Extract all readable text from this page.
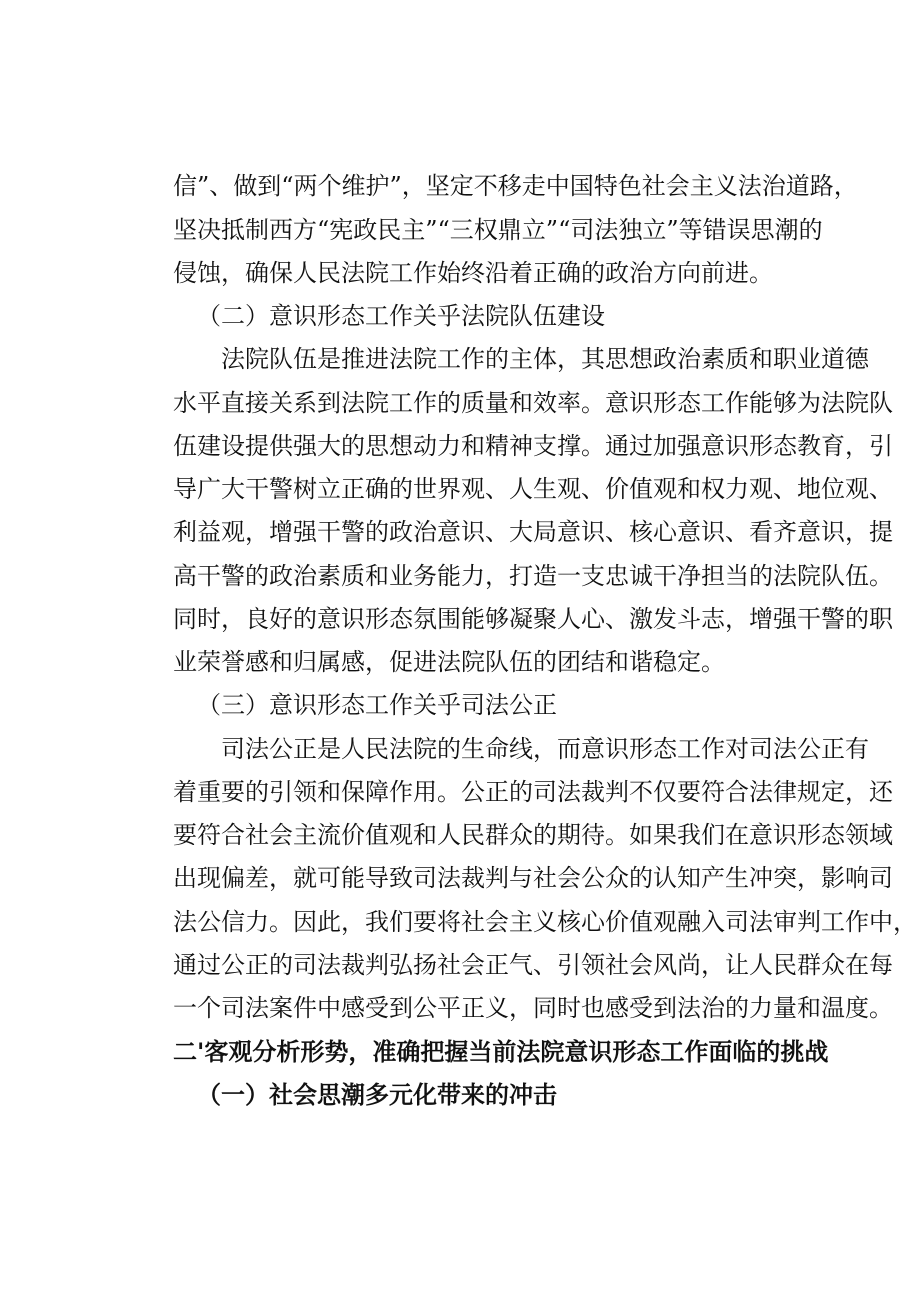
信”、做到“两个维护”，坚定不移走中国特色社会主义法治道路，
坚决抵制西方“宪政民主”“三权鼎立”“司法独立”等错误思潮的
侵蚀，确保人民法院工作始终沿着正确的政治方向前进。
（二）意识形态工作关乎法院队伍建设
法院队伍是推进法院工作的主体，其思想政治素质和职业道德
水平直接关系到法院工作的质量和效率。意识形态工作能够为法院队
伍建设提供强大的思想动力和精神支撑。通过加强意识形态教育，引
导广大干警树立正确的世界观、人生观、价值观和权力观、地位观、
利益观，增强干警的政治意识、大局意识、核心意识、看齐意识，提
高干警的政治素质和业务能力，打造一支忠诚干净担当的法院队伍。
同时，良好的意识形态氛围能够凝聚人心、激发斗志，增强干警的职
业荣誉感和归属感，促进法院队伍的团结和谐稳定。
（三）意识形态工作关乎司法公正
司法公正是人民法院的生命线，而意识形态工作对司法公正有
着重要的引领和保障作用。公正的司法裁判不仅要符合法律规定，还
要符合社会主流价值观和人民群众的期待。如果我们在意识形态领域
出现偏差，就可能导致司法裁判与社会公众的认知产生冲突，影响司
法公信力。因此，我们要将社会主义核心价值观融入司法审判工作中，
通过公正的司法裁判弘扬社会正气、引领社会风尚，让人民群众在每
一个司法案件中感受到公平正义，同时也感受到法治的力量和温度。
二'客观分析形势，准确把握当前法院意识形态工作面临的挑战
（一）社会思潮多元化带来的冲击
